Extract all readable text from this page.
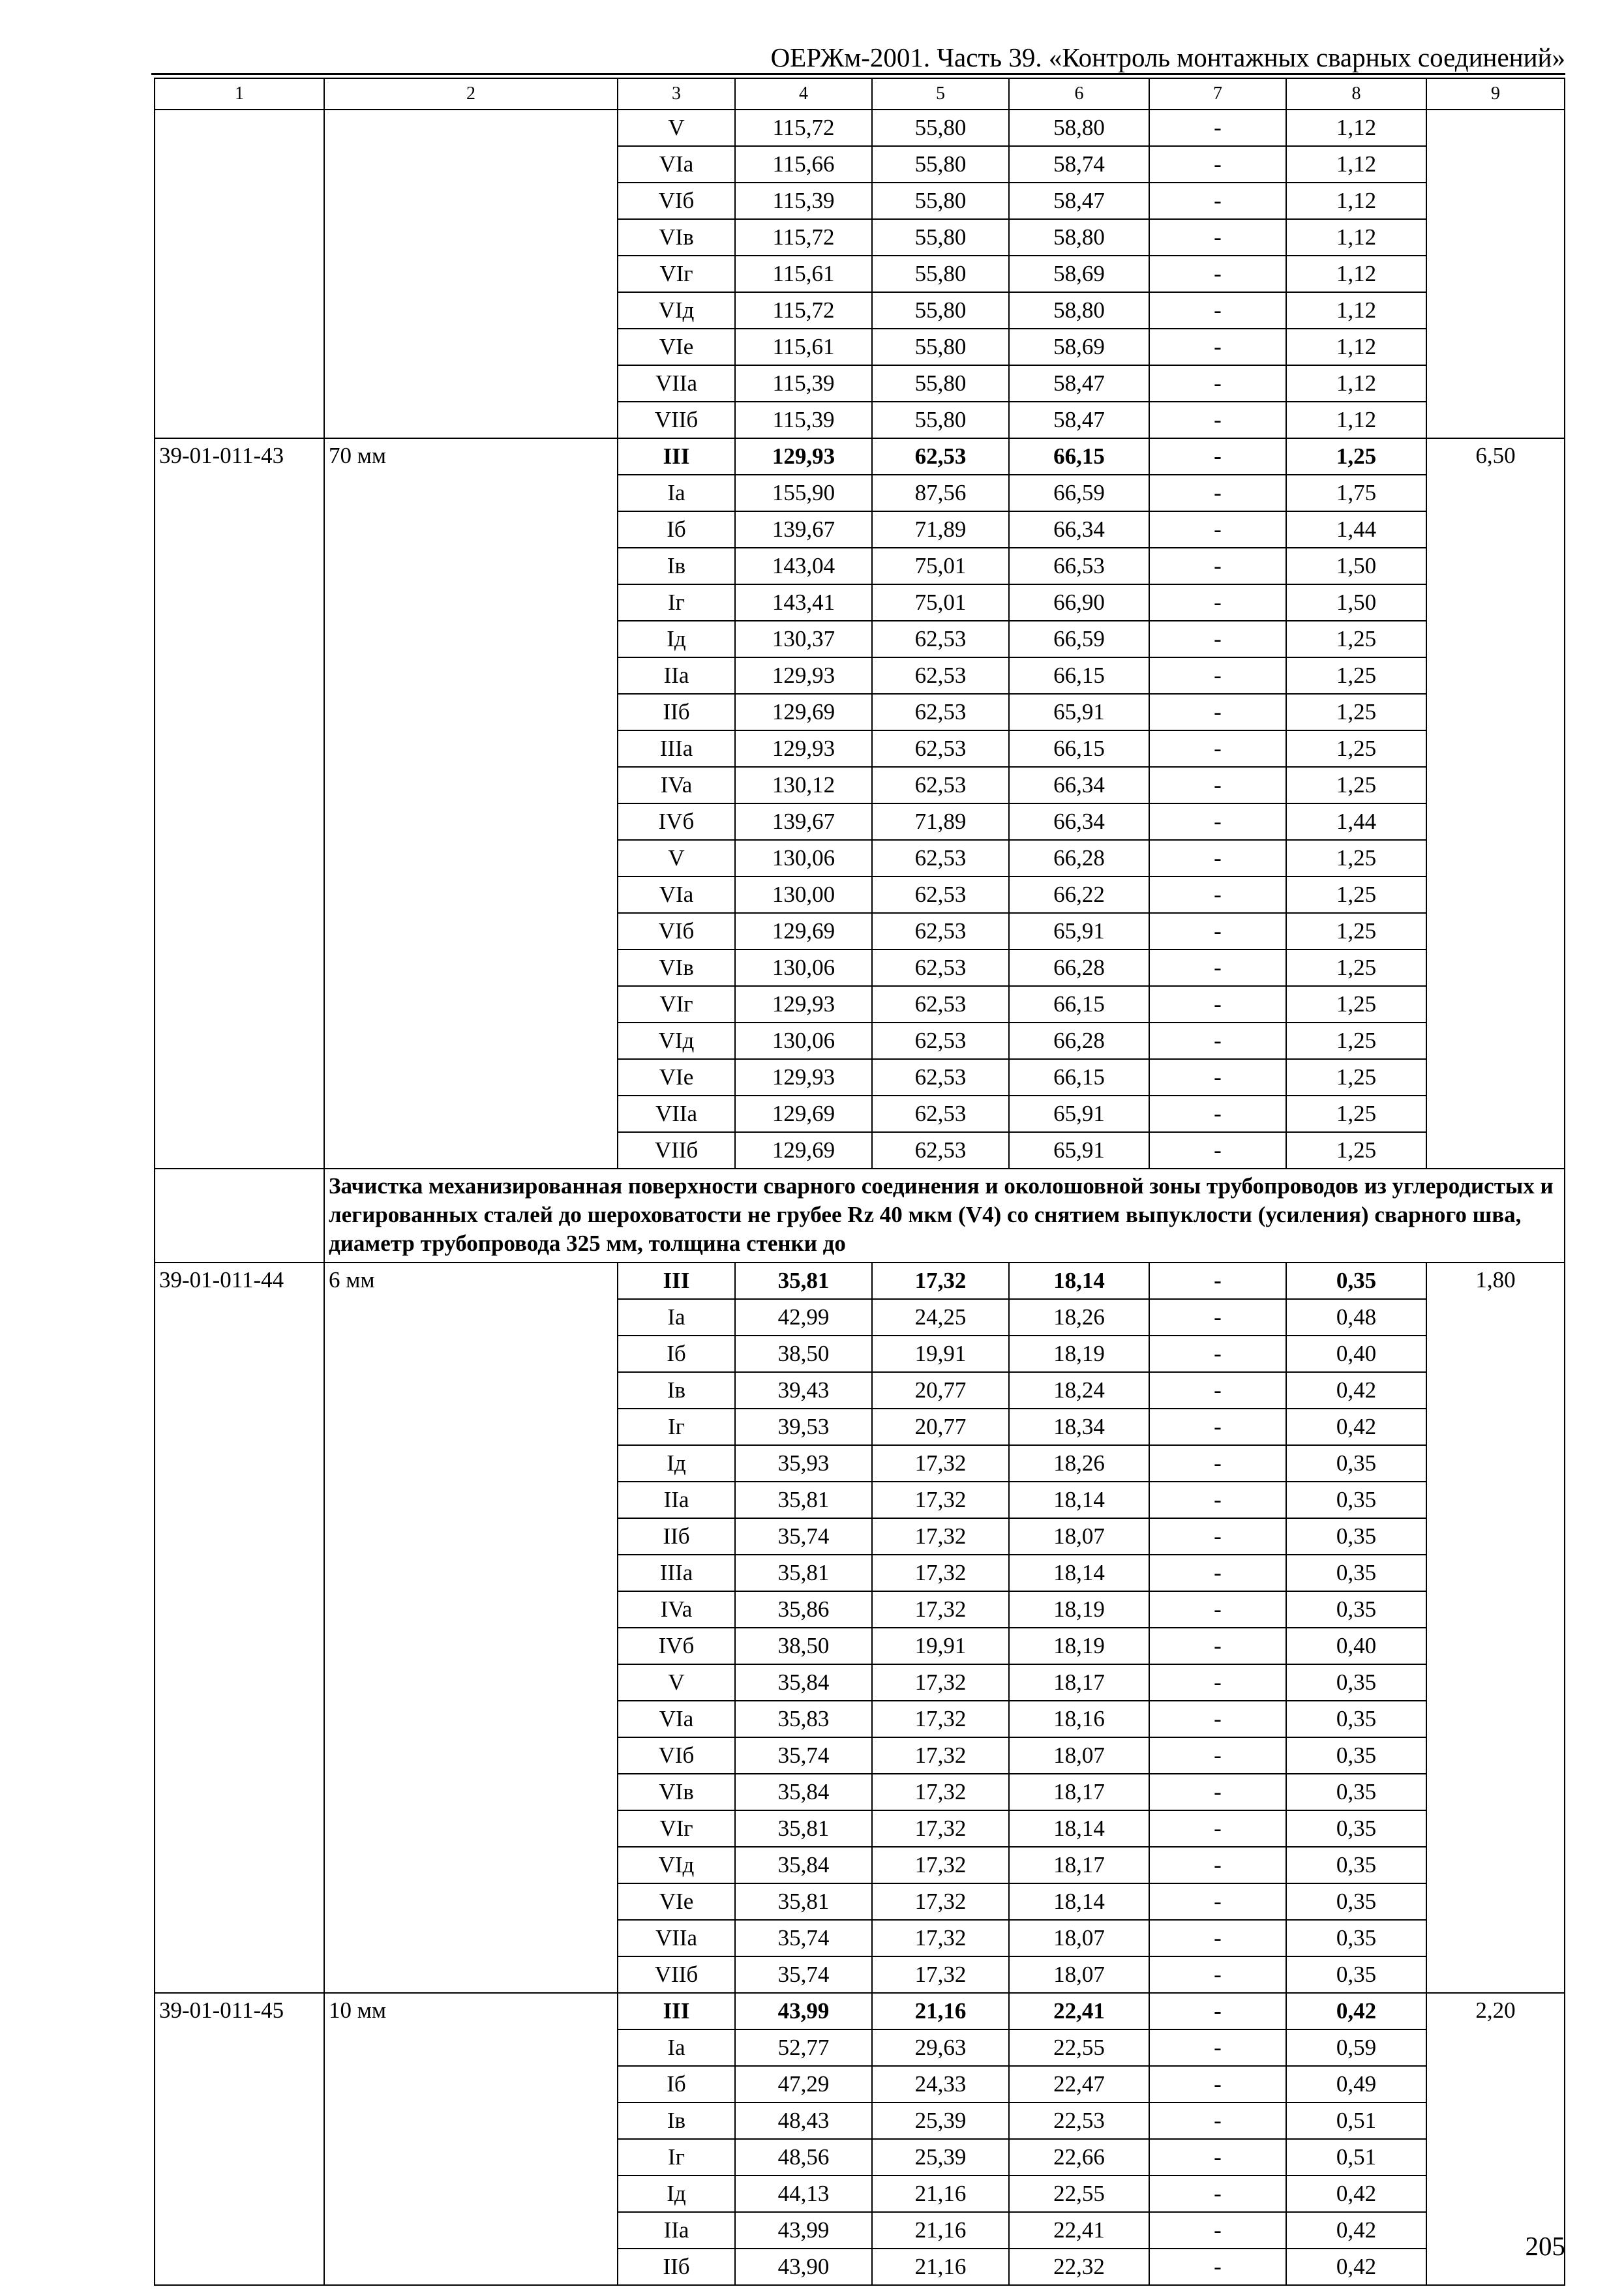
ОЕРЖм-2001. Часть 39. «Контроль монтажных сварных соединений»
1	2	3	4	5	6	7	8	9
		V	115,72	55,80	58,80	-	1,12	
		VIa	115,66	55,80	58,74	-	1,12	
		VIб	115,39	55,80	58,47	-	1,12	
		VIв	115,72	55,80	58,80	-	1,12	
		VIг	115,61	55,80	58,69	-	1,12	
		VIд	115,72	55,80	58,80	-	1,12	
		VIe	115,61	55,80	58,69	-	1,12	
		VIIa	115,39	55,80	58,47	-	1,12	
		VIIб	115,39	55,80	58,47	-	1,12	
39-01-011-43	70 мм	III	129,93	62,53	66,15	-	1,25	6,50
		Ia	155,90	87,56	66,59	-	1,75	
		Iб	139,67	71,89	66,34	-	1,44	
		Iв	143,04	75,01	66,53	-	1,50	
		Iг	143,41	75,01	66,90	-	1,50	
		Iд	130,37	62,53	66,59	-	1,25	
		IIa	129,93	62,53	66,15	-	1,25	
		IIб	129,69	62,53	65,91	-	1,25	
		IIIa	129,93	62,53	66,15	-	1,25	
		IVa	130,12	62,53	66,34	-	1,25	
		IVб	139,67	71,89	66,34	-	1,44	
		V	130,06	62,53	66,28	-	1,25	
		VIa	130,00	62,53	66,22	-	1,25	
		VIб	129,69	62,53	65,91	-	1,25	
		VIв	130,06	62,53	66,28	-	1,25	
		VIг	129,93	62,53	66,15	-	1,25	
		VIд	130,06	62,53	66,28	-	1,25	
		VIe	129,93	62,53	66,15	-	1,25	
		VIIa	129,69	62,53	65,91	-	1,25	
		VIIб	129,69	62,53	65,91	-	1,25	
	Зачистка механизированная поверхности сварного соединения и околошовной зоны трубопроводов из углеродистых и легированных сталей до шероховатости не грубее Rz 40 мкм (V4) со снятием выпуклости (усиления) сварного шва, диаметр трубопровода 325 мм, толщина стенки до							
39-01-011-44	6 мм	III	35,81	17,32	18,14	-	0,35	1,80
		Ia	42,99	24,25	18,26	-	0,48	
		Iб	38,50	19,91	18,19	-	0,40	
		Iв	39,43	20,77	18,24	-	0,42	
		Iг	39,53	20,77	18,34	-	0,42	
		Iд	35,93	17,32	18,26	-	0,35	
		IIa	35,81	17,32	18,14	-	0,35	
		IIб	35,74	17,32	18,07	-	0,35	
		IIIa	35,81	17,32	18,14	-	0,35	
		IVa	35,86	17,32	18,19	-	0,35	
		IVб	38,50	19,91	18,19	-	0,40	
		V	35,84	17,32	18,17	-	0,35	
		VIa	35,83	17,32	18,16	-	0,35	
		VIб	35,74	17,32	18,07	-	0,35	
		VIв	35,84	17,32	18,17	-	0,35	
		VIг	35,81	17,32	18,14	-	0,35	
		VIд	35,84	17,32	18,17	-	0,35	
		VIe	35,81	17,32	18,14	-	0,35	
		VIIa	35,74	17,32	18,07	-	0,35	
		VIIб	35,74	17,32	18,07	-	0,35	
39-01-011-45	10 мм	III	43,99	21,16	22,41	-	0,42	2,20
		Ia	52,77	29,63	22,55	-	0,59	
		Iб	47,29	24,33	22,47	-	0,49	
		Iв	48,43	25,39	22,53	-	0,51	
		Iг	48,56	25,39	22,66	-	0,51	
		Iд	44,13	21,16	22,55	-	0,42	
		IIa	43,99	21,16	22,41	-	0,42	
		IIб	43,90	21,16	22,32	-	0,42	
205
